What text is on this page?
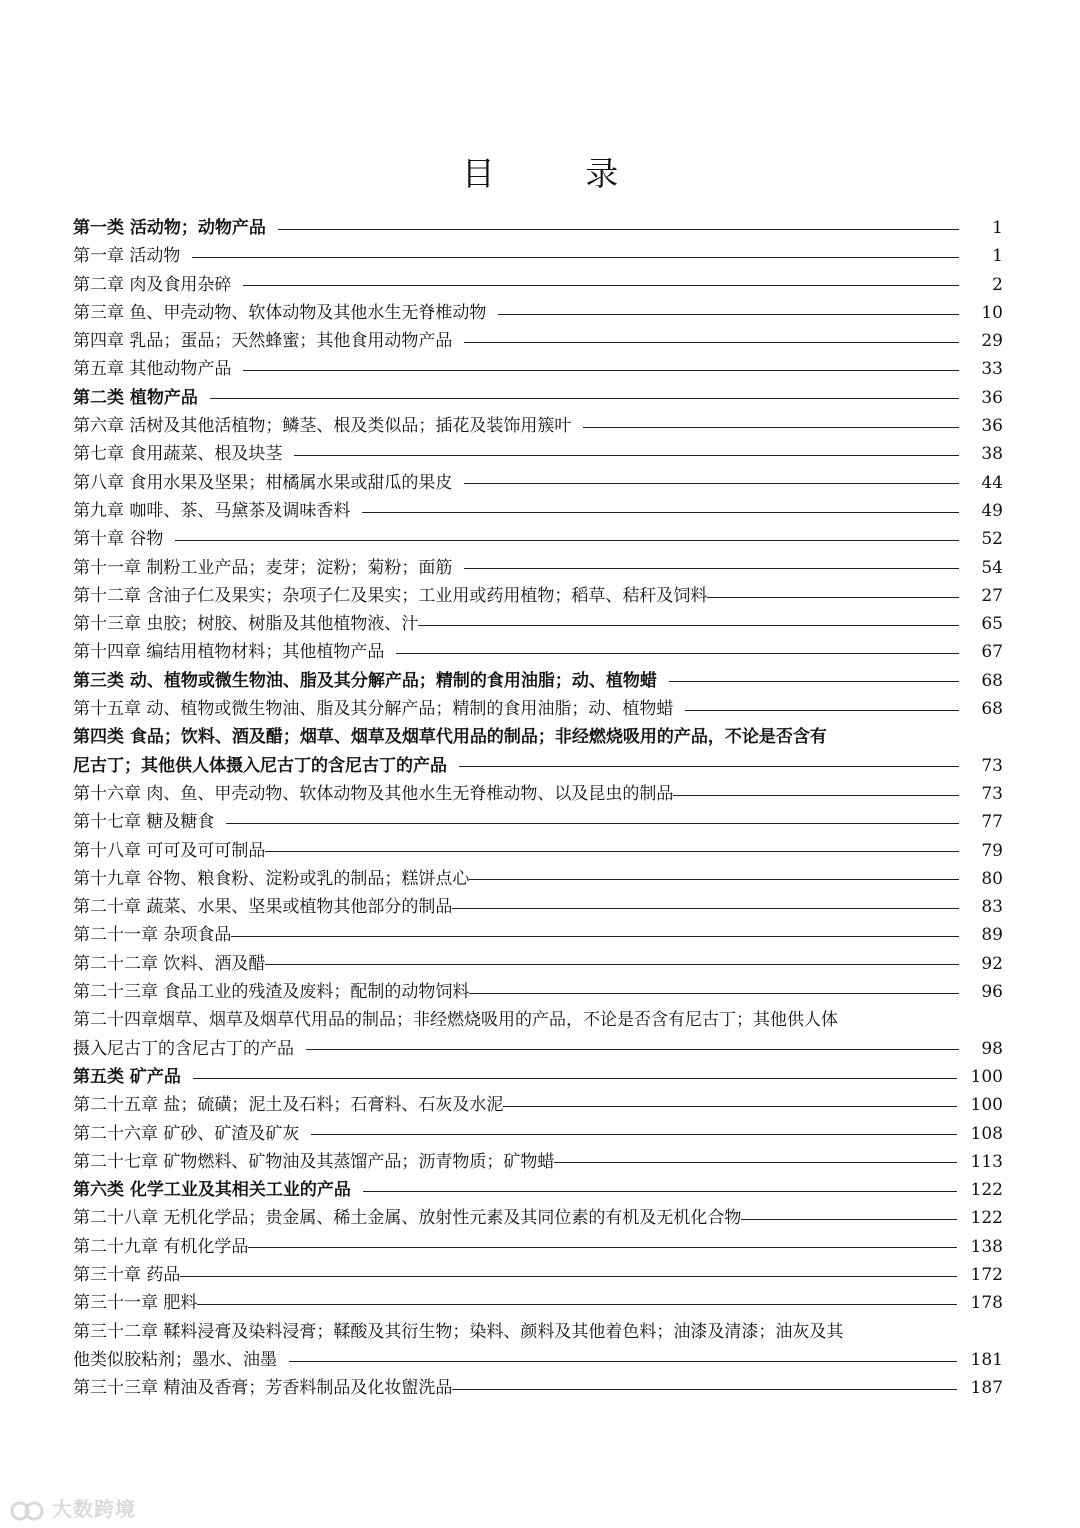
目 录
第一类 活动物；动物产品	1
第一章 活动物	1
第二章 肉及食用杂碎	2
第三章 鱼、甲壳动物、软体动物及其他水生无脊椎动物	10
第四章 乳品；蛋品；天然蜂蜜；其他食用动物产品	29
第五章 其他动物产品	33
第二类 植物产品	36
第六章 活树及其他活植物；鳞茎、根及类似品；插花及装饰用簇叶	36
第七章 食用蔬菜、根及块茎	38
第八章 食用水果及坚果；柑橘属水果或甜瓜的果皮	44
第九章 咖啡、茶、马黛茶及调味香料	49
第十章 谷物	52
第十一章 制粉工业产品；麦芽；淀粉；菊粉；面筋	54
第十二章 含油子仁及果实；杂项子仁及果实；工业用或药用植物；稻草、秸秆及饲料	27
第十三章 虫胶；树胶、树脂及其他植物液、汁	65
第十四章 编结用植物材料；其他植物产品	67
第三类 动、植物或微生物油、脂及其分解产品；精制的食用油脂；动、植物蜡	68
第十五章 动、植物或微生物油、脂及其分解产品；精制的食用油脂；动、植物蜡	68
第四类 食品；饮料、酒及醋；烟草、烟草及烟草代用品的制品；非经燃烧吸用的产品，不论是否含有
尼古丁；其他供人体摄入尼古丁的含尼古丁的产品	73
第十六章 肉、鱼、甲壳动物、软体动物及其他水生无脊椎动物、以及昆虫的制品	73
第十七章 糖及糖食	77
第十八章 可可及可可制品	79
第十九章 谷物、粮食粉、淀粉或乳的制品；糕饼点心	80
第二十章 蔬菜、水果、坚果或植物其他部分的制品	83
第二十一章 杂项食品	89
第二十二章 饮料、酒及醋	92
第二十三章 食品工业的残渣及废料；配制的动物饲料	96
第二十四章烟草、烟草及烟草代用品的制品；非经燃烧吸用的产品，不论是否含有尼古丁；其他供人体
摄入尼古丁的含尼古丁的产品	98
第五类 矿产品	100
第二十五章 盐；硫磺；泥土及石料；石膏料、石灰及水泥	100
第二十六章 矿砂、矿渣及矿灰	108
第二十七章 矿物燃料、矿物油及其蒸馏产品；沥青物质；矿物蜡	113
第六类 化学工业及其相关工业的产品	122
第二十八章 无机化学品；贵金属、稀土金属、放射性元素及其同位素的有机及无机化合物	122
第二十九章 有机化学品	138
第三十章 药品	172
第三十一章 肥料	178
第三十二章 鞣料浸膏及染料浸膏；鞣酸及其衍生物；染料、颜料及其他着色料；油漆及清漆；油灰及其
他类似胶粘剂；墨水、油墨	181
第三十三章 精油及香膏；芳香料制品及化妆盥洗品	187
大数跨境
